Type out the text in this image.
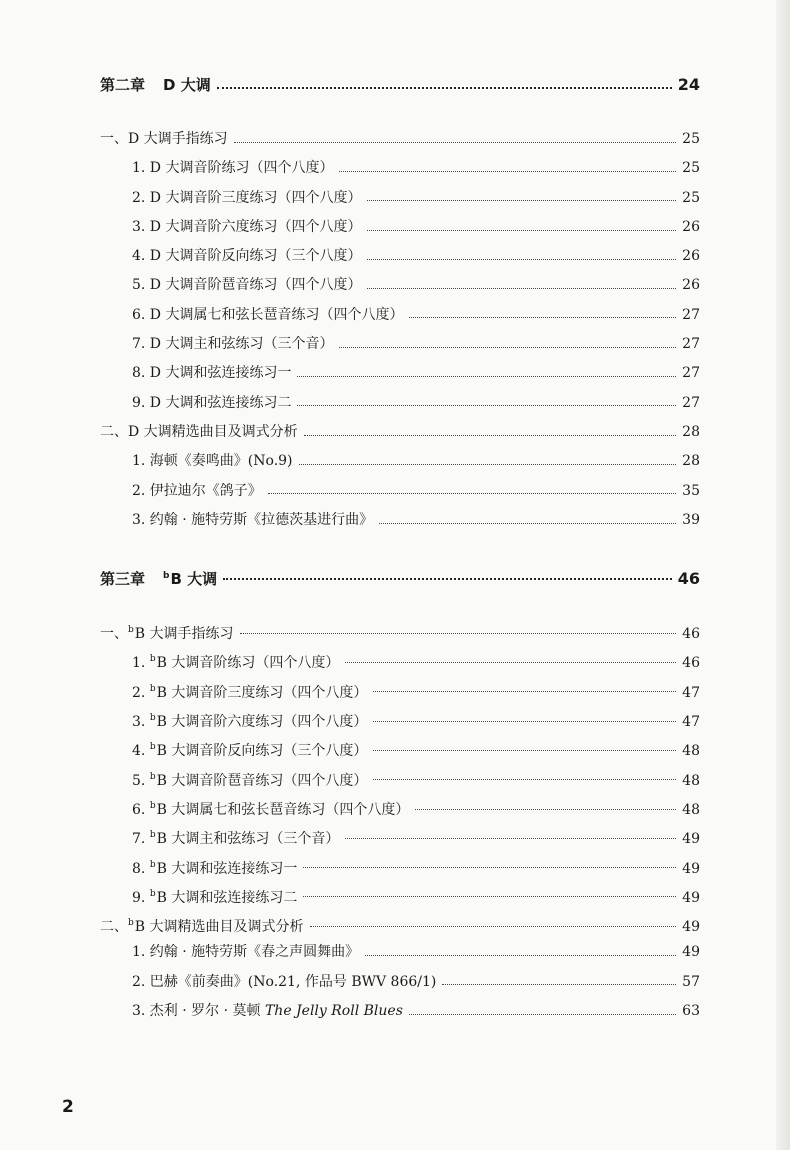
第二章 D 大调	24
一、D 大调手指练习	25
1. D 大调音阶练习（四个八度）	25
2. D 大调音阶三度练习（四个八度）	25
3. D 大调音阶六度练习（四个八度）	26
4. D 大调音阶反向练习（三个八度）	26
5. D 大调音阶琶音练习（四个八度）	26
6. D 大调属七和弦长琶音练习（四个八度）	27
7. D 大调主和弦练习（三个音）	27
8. D 大调和弦连接练习一	27
9. D 大调和弦连接练习二	27
二、D 大调精选曲目及调式分析	28
1. 海顿《奏鸣曲》(No.9)	28
2. 伊拉迪尔《鸽子》	35
3. 约翰 · 施特劳斯《拉德茨基进行曲》	39
第三章 $^b$B 大调	46
一、$^b$B 大调手指练习	46
1. $^b$B 大调音阶练习（四个八度）	46
2. $^b$B 大调音阶三度练习（四个八度）	47
3. $^b$B 大调音阶六度练习（四个八度）	47
4. $^b$B 大调音阶反向练习（三个八度）	48
5. $^b$B 大调音阶琶音练习（四个八度）	48
6. $^b$B 大调属七和弦长琶音练习（四个八度）	48
7. $^b$B 大调主和弦练习（三个音）	49
8. $^b$B 大调和弦连接练习一	49
9. $^b$B 大调和弦连接练习二	49
二、$^b$B 大调精选曲目及调式分析	49
1. 约翰 · 施特劳斯《春之声圆舞曲》	49
2. 巴赫《前奏曲》(No.21, 作品号 BWV 866/1)	57
3. 杰利 · 罗尔 · 莫顿 The Jelly Roll Blues	63
2
